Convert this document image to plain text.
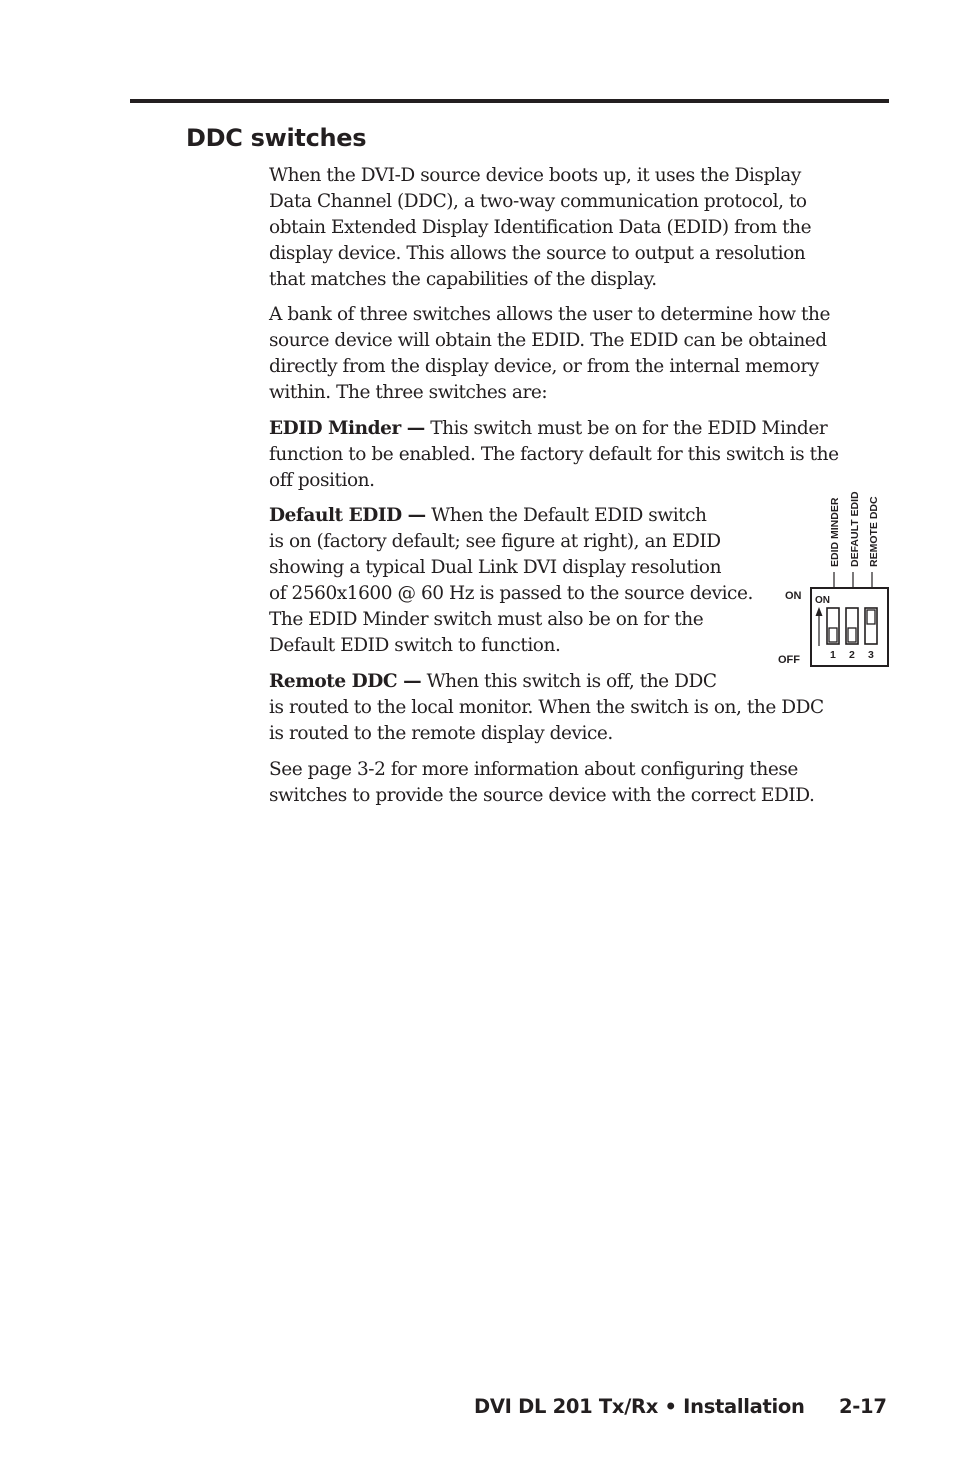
DDC switches

When the DVI-D source device boots up, it uses the Display
Data Channel (DDC), a two-way communication protocol, to
obtain Extended Display Identification Data (EDID) from the
display device. This allows the source to output a resolution
that matches the capabilities of the display.

A bank of three switches allows the user to determine how the
source device will obtain the EDID. The EDID can be obtained
directly from the display device, or from the internal memory
within. The three switches are:

EDID Minder — This switch must be on for the EDID Minder
function to be enabled. The factory default for this switch is the
off position.

Default EDID — When the Default EDID switch
is on (factory default; see figure at right), an EDID
showing a typical Dual Link DVI display resolution
of 2560x1600 @ 60 Hz is passed to the source device.
The EDID Minder switch must also be on for the
Default EDID switch to function.

Remote DDC — When this switch is off, the DDC
is routed to the local monitor. When the switch is on, the DDC
is routed to the remote display device.

See page 3-2 for more information about configuring these
switches to provide the source device with the correct EDID.

EDID MINDER DEFAULT EDID REMOTE DDC
ON
OFF
ON
1 2 3
DVI DL 201 Tx/Rx • Installation 2-17
